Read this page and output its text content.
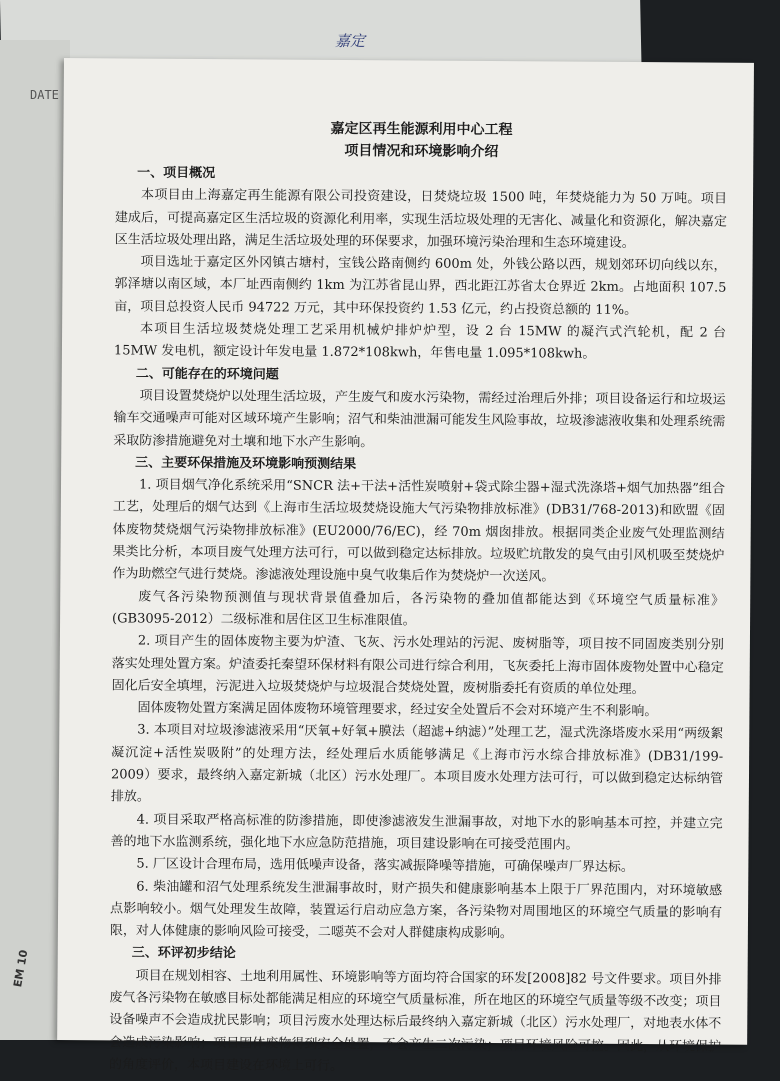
DATE
EM 10
嘉定

嘉定区再生能源利用中心工程

项目情况和环境影响介绍

一、项目概况

本项目由上海嘉定再生能源有限公司投资建设，日焚烧垃圾 1500 吨，年焚烧能力为 50 万吨。项目建成后，可提高嘉定区生活垃圾的资源化利用率，实现生活垃圾处理的无害化、减量化和资源化，解决嘉定区生活垃圾处理出路，满足生活垃圾处理的环保要求，加强环境污染治理和生态环境建设。

项目选址于嘉定区外冈镇古塘村，宝钱公路南侧约 600m 处，外钱公路以西，规划郊环切向线以东，郭泽塘以南区域，本厂址西南侧约 1km 为江苏省昆山界，西北距江苏省太仓界近 2km。占地面积 107.5 亩，项目总投资人民币 94722 万元，其中环保投资约 1.53 亿元，约占投资总额的 11%。

本项目生活垃圾焚烧处理工艺采用机械炉排炉炉型，设 2 台 15MW 的凝汽式汽轮机，配 2 台 15MW 发电机，额定设计年发电量 1.872*108kwh，年售电量 1.095*108kwh。

二、可能存在的环境问题

项目设置焚烧炉以处理生活垃圾，产生废气和废水污染物，需经过治理后外排；项目设备运行和垃圾运输车交通噪声可能对区域环境产生影响；沼气和柴油泄漏可能发生风险事故，垃圾渗滤液收集和处理系统需采取防渗措施避免对土壤和地下水产生影响。

三、主要环保措施及环境影响预测结果

1. 项目烟气净化系统采用“SNCR 法+干法+活性炭喷射+袋式除尘器+湿式洗涤塔+烟气加热器”组合工艺，处理后的烟气达到《上海市生活垃圾焚烧设施大气污染物排放标准》(DB31/768-2013)和欧盟《固体废物焚烧烟气污染物排放标准》(EU2000/76/EC)，经 70m 烟囱排放。根据同类企业废气处理监测结果类比分析，本项目废气处理方法可行，可以做到稳定达标排放。垃圾贮坑散发的臭气由引风机吸至焚烧炉作为助燃空气进行焚烧。渗滤液处理设施中臭气收集后作为焚烧炉一次送风。

废气各污染物预测值与现状背景值叠加后，各污染物的叠加值都能达到《环境空气质量标准》(GB3095-2012）二级标准和居住区卫生标准限值。

2. 项目产生的固体废物主要为炉渣、飞灰、污水处理站的污泥、废树脂等，项目按不同固废类别分别落实处理处置方案。炉渣委托秦望环保材料有限公司进行综合利用，飞灰委托上海市固体废物处置中心稳定固化后安全填埋，污泥进入垃圾焚烧炉与垃圾混合焚烧处置，废树脂委托有资质的单位处理。

固体废物处置方案满足固体废物环境管理要求，经过安全处置后不会对环境产生不利影响。

3. 本项目对垃圾渗滤液采用“厌氧+好氧+膜法（超滤+纳滤）”处理工艺，湿式洗涤塔废水采用“两级絮凝沉淀+活性炭吸附”的处理方法，经处理后水质能够满足《上海市污水综合排放标准》(DB31/199-2009）要求，最终纳入嘉定新城（北区）污水处理厂。本项目废水处理方法可行，可以做到稳定达标纳管排放。

4. 项目采取严格高标准的防渗措施，即使渗滤液发生泄漏事故，对地下水的影响基本可控，并建立完善的地下水监测系统，强化地下水应急防范措施，项目建设影响在可接受范围内。

5. 厂区设计合理布局，选用低噪声设备，落实减振降噪等措施，可确保噪声厂界达标。

6. 柴油罐和沼气处理系统发生泄漏事故时，财产损失和健康影响基本上限于厂界范围内，对环境敏感点影响较小。烟气处理发生故障，装置运行启动应急方案，各污染物对周围地区的环境空气质量的影响有限，对人体健康的影响风险可接受，二噁英不会对人群健康构成影响。

三、环评初步结论

项目在规划相容、土地利用属性、环境影响等方面均符合国家的环发[2008]82 号文件要求。项目外排废气各污染物在敏感目标处都能满足相应的环境空气质量标准，所在地区的环境空气质量等级不改变；项目设备噪声不会造成扰民影响；项目污废水处理达标后最终纳入嘉定新城（北区）污水处理厂，对地表水体不会造成污染影响；项目固体废物得到安全处置，不会产生二次污染；项目环境风险可控。因此，从环境保护的角度评价，本项目建设在环境上可行。
